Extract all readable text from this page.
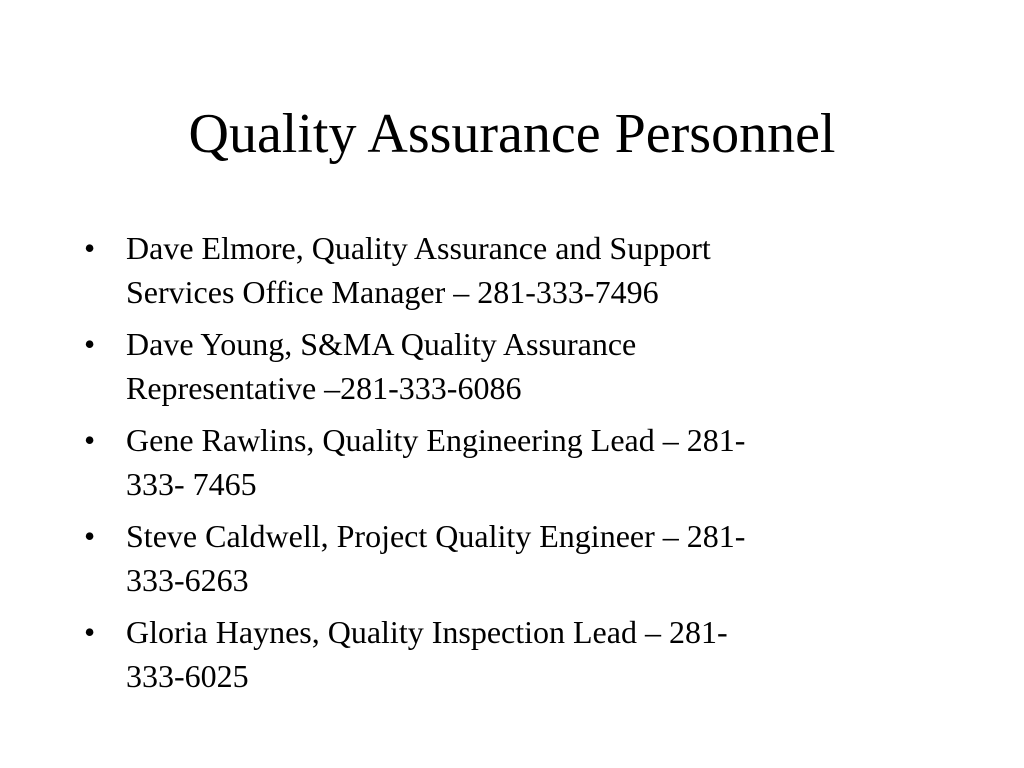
Quality Assurance Personnel
• Dave Elmore, Quality Assurance and Support
Services Office Manager – 281-333-7496
• Dave Young, S&MA Quality Assurance
Representative –281-333-6086
• Gene Rawlins, Quality Engineering Lead – 281-
333- 7465
• Steve Caldwell, Project Quality Engineer – 281-
333-6263
• Gloria Haynes, Quality Inspection Lead – 281-
333-6025
